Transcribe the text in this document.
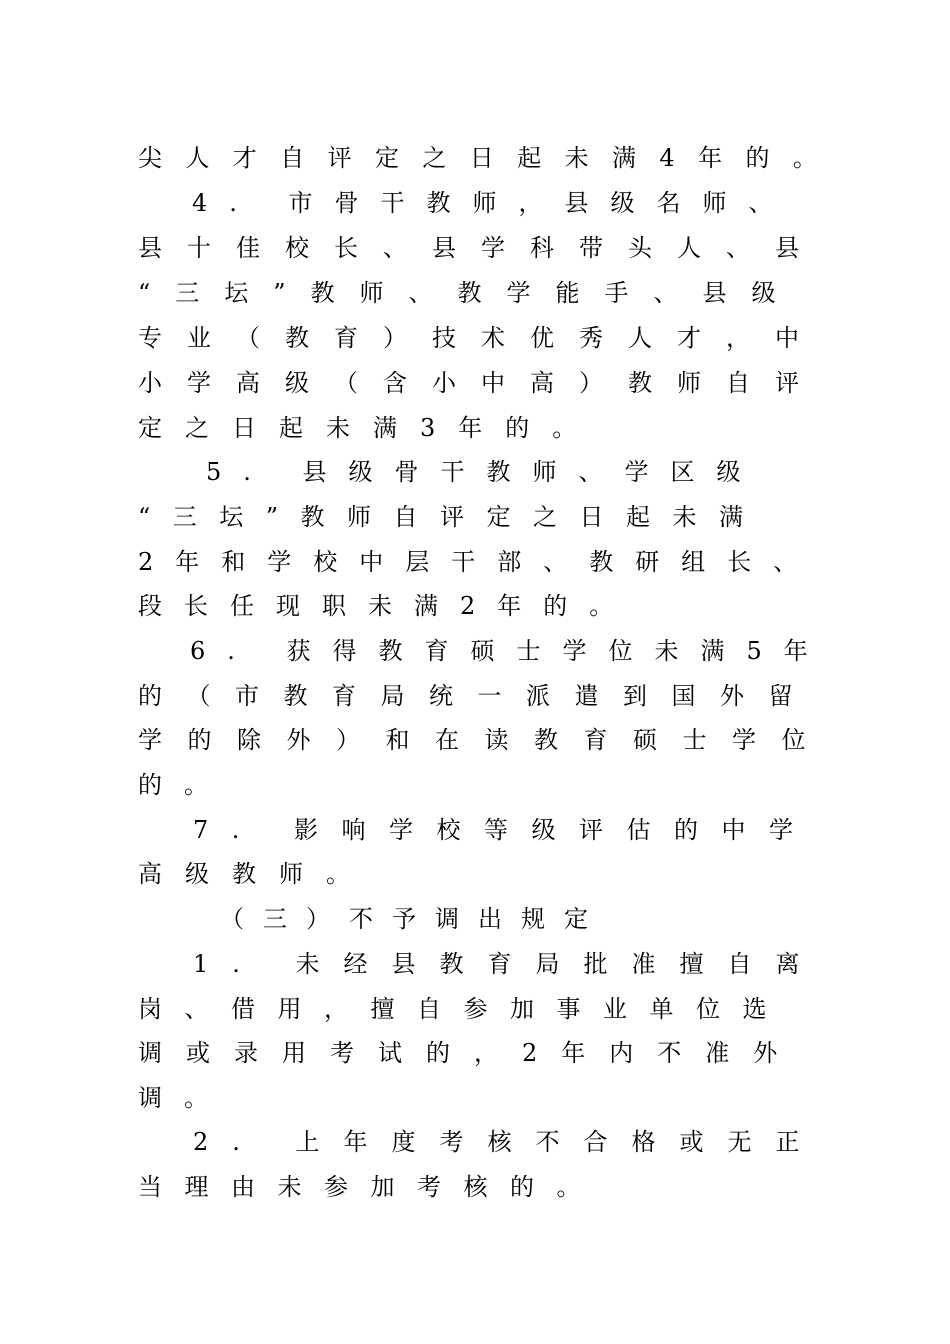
尖人才自评定之日起未满4年的。
4. 市骨干教师，县级名师、
县十佳校长、县学科带头人、县
“三坛”教师、教学能手、县级
专业（教育）技术优秀人才，中
小学高级（含小中高）教师自评
定之日起未满3年的。
5. 县级骨干教师、学区级
“三坛”教师自评定之日起未满
2年和学校中层干部、教研组长、
段长任现职未满2年的。
6. 获得教育硕士学位未满5年
的（市教育局统一派遣到国外留
学的除外）和在读教育硕士学位
的。
7. 影响学校等级评估的中学
高级教师。
（三）不予调出规定
1. 未经县教育局批准擅自离
岗、借用，擅自参加事业单位选
调或录用考试的，2年内不准外
调。
2. 上年度考核不合格或无正
当理由未参加考核的。
